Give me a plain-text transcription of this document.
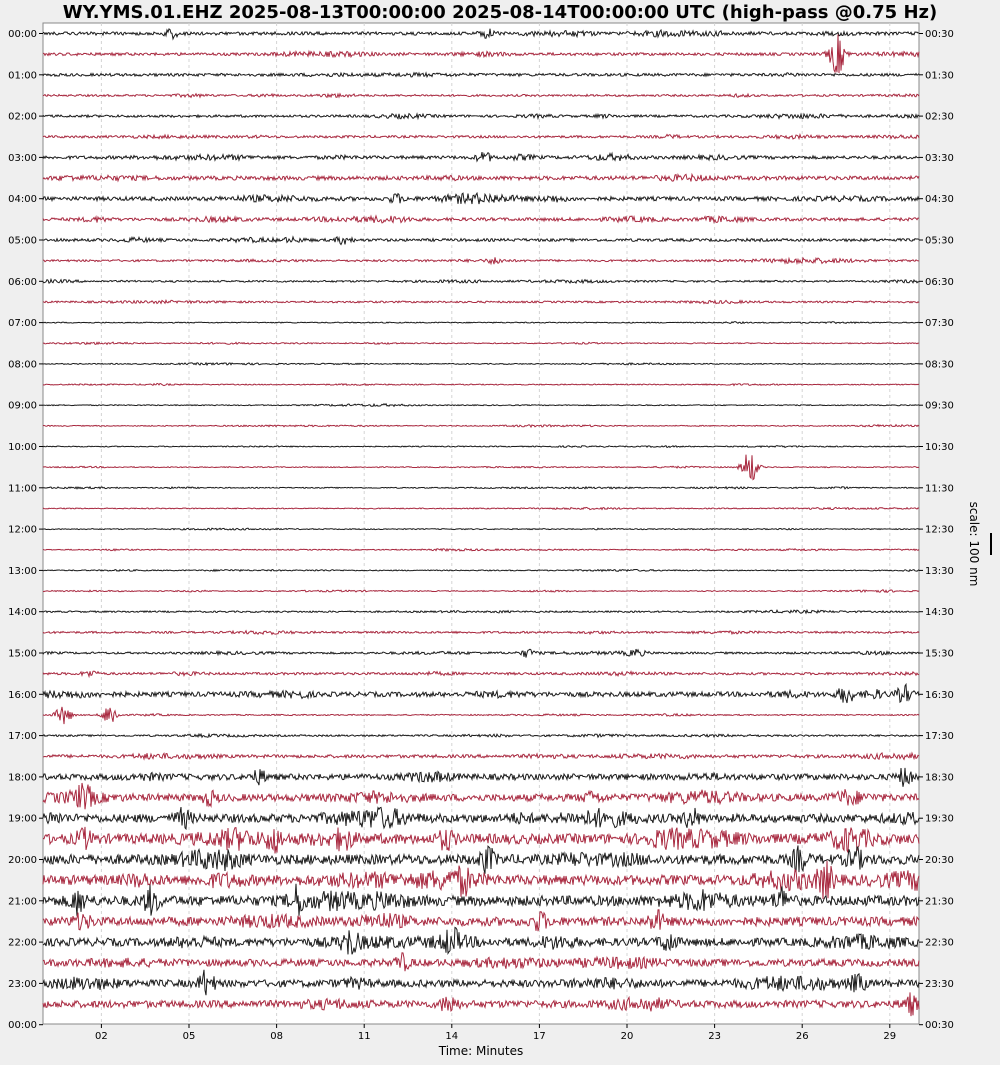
WY.YMS.01.EHZ 2025-08-13T00:00:00 2025-08-14T00:00:00 UTC (high-pass @0.75 Hz)
02	05	08	11	14	17	20	23	26	29
00:00
01:00
02:00
03:00
04:00
05:00
06:00
07:00
08:00
09:00
10:00
11:00
12:00
13:00
14:00
15:00
16:00
17:00
18:00
19:00
20:00
21:00
22:00
23:00
00:00
00:30
01:30
02:30
03:30
04:30
05:30
06:30
07:30
08:30
09:30
10:30
11:30
12:30
13:30
14:30
15:30
16:30
17:30
18:30
19:30
20:30
21:30
22:30
23:30
00:30
Time: Minutes
scale: 100 nm
